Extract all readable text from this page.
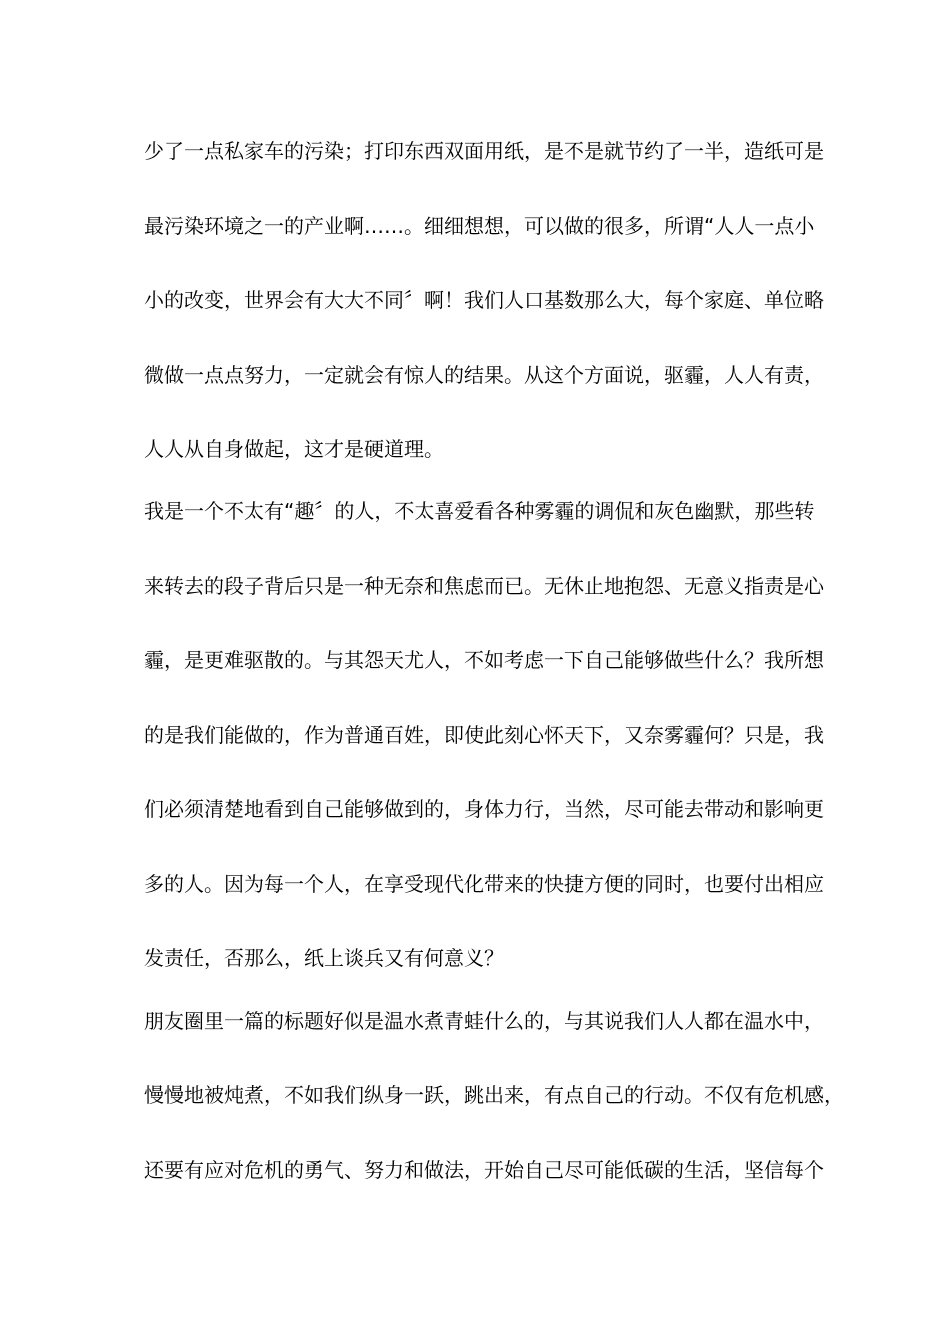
少了一点私家车的污染；打印东西双面用纸，是不是就节约了一半，造纸可是
最污染环境之一的产业啊……。细细想想，可以做的很多，所谓“人人一点小
小的改变，世界会有大大不同〞啊！我们人口基数那么大，每个家庭、单位略
微做一点点努力，一定就会有惊人的结果。从这个方面说，驱霾，人人有责，
人人从自身做起，这才是硬道理。
我是一个不太有“趣〞的人，不太喜爱看各种雾霾的调侃和灰色幽默，那些转
来转去的段子背后只是一种无奈和焦虑而已。无休止地抱怨、无意义指责是心
霾，是更难驱散的。与其怨天尤人，不如考虑一下自己能够做些什么？我所想
的是我们能做的，作为普通百姓，即使此刻心怀天下，又奈雾霾何？只是，我
们必须清楚地看到自己能够做到的，身体力行，当然，尽可能去带动和影响更
多的人。因为每一个人，在享受现代化带来的快捷方便的同时，也要付出相应
发责任，否那么，纸上谈兵又有何意义？
朋友圈里一篇的标题好似是温水煮青蛙什么的，与其说我们人人都在温水中，
慢慢地被炖煮，不如我们纵身一跃，跳出来，有点自己的行动。不仅有危机感，
还要有应对危机的勇气、努力和做法，开始自己尽可能低碳的生活，坚信每个
